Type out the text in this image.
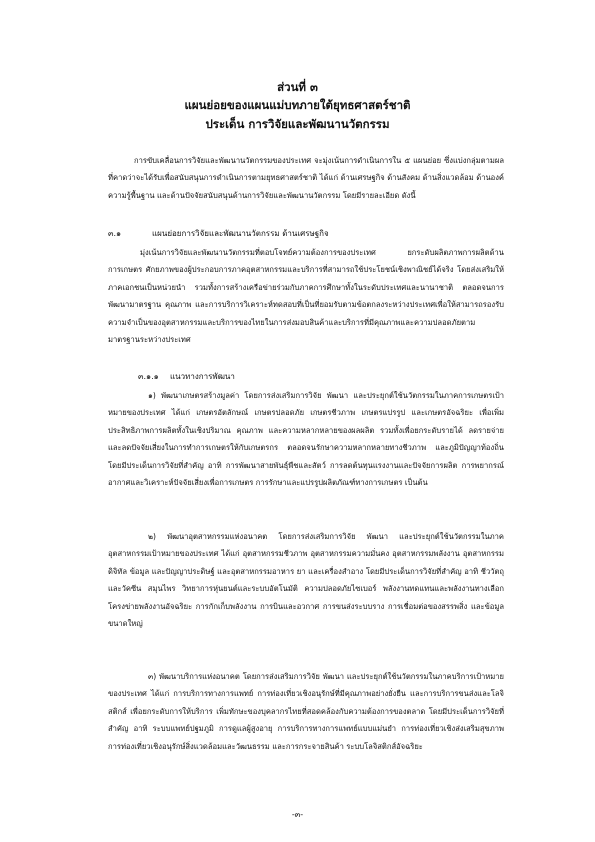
ส่วนที่ ๓
แผนย่อยของแผนแม่บทภายใต้ยุทธศาสตร์ชาติ
ประเด็น การวิจัยและพัฒนานวัตกรรม

การขับเคลื่อนการวิจัยและพัฒนานวัตกรรมของประเทศ จะมุ่งเน้นการดำเนินการใน ๕ แผนย่อย ซึ่งแบ่งกลุ่มตามผลที่คาดว่าจะได้รับเพื่อสนับสนุนการดำเนินการตามยุทธศาสตร์ชาติ ได้แก่ ด้านเศรษฐกิจ ด้านสังคม ด้านสิ่งแวดล้อม ด้านองค์ความรู้พื้นฐาน และด้านปัจจัยสนับสนุนด้านการวิจัยและพัฒนานวัตกรรม โดยมีรายละเอียด ดังนี้

๓.๑	แผนย่อยการวิจัยและพัฒนานวัตกรรม ด้านเศรษฐกิจ

มุ่งเน้นการวิจัยและพัฒนานวัตกรรมที่ตอบโจทย์ความต้องการของประเทศ ยกระดับผลิตภาพการผลิตด้านการเกษตร ศักยภาพของผู้ประกอบการภาคอุตสาหกรรมและบริการที่สามารถใช้ประโยชน์เชิงพาณิชย์ได้จริง โดยส่งเสริมให้ภาคเอกชนเป็นหน่วยนำ รวมทั้งการสร้างเครือข่ายร่วมกับภาคการศึกษาทั้งในระดับประเทศและนานาชาติ ตลอดจนการพัฒนามาตรฐาน คุณภาพ และการบริการวิเคราะห์ทดสอบที่เป็นที่ยอมรับตามข้อตกลงระหว่างประเทศเพื่อให้สามารถรองรับความจำเป็นของอุตสาหกรรมและบริการของไทยในการส่งมอบสินค้าและบริการที่มีคุณภาพและความปลอดภัยตามมาตรฐานระหว่างประเทศ

๓.๑.๑ แนวทางการพัฒนา

๑) พัฒนาเกษตรสร้างมูลค่า โดยการส่งเสริมการวิจัย พัฒนา และประยุกต์ใช้นวัตกรรมในภาคการเกษตรเป้าหมายของประเทศ ได้แก่ เกษตรอัตลักษณ์ เกษตรปลอดภัย เกษตรชีวภาพ เกษตรแปรรูป และเกษตรอัจฉริยะ เพื่อเพิ่มประสิทธิภาพการผลิตทั้งในเชิงปริมาณ คุณภาพ และความหลากหลายของผลผลิต รวมทั้งเพื่อยกระดับรายได้ ลดรายจ่ายและลดปัจจัยเสี่ยงในการทำการเกษตรให้กับเกษตรกร ตลอดจนรักษาความหลากหลายทางชีวภาพ และภูมิปัญญาท้องถิ่น โดยมีประเด็นการวิจัยที่สำคัญ อาทิ การพัฒนาสายพันธุ์พืชและสัตว์ การลดต้นทุนแรงงานและปัจจัยการผลิต การพยากรณ์อากาศและวิเคราะห์ปัจจัยเสี่ยงเพื่อการเกษตร การรักษาและแปรรูปผลิตภัณฑ์ทางการเกษตร เป็นต้น

๒) พัฒนาอุตสาหกรรมแห่งอนาคต โดยการส่งเสริมการวิจัย พัฒนา และประยุกต์ใช้นวัตกรรมในภาคอุตสาหกรรมเป้าหมายของประเทศ ได้แก่ อุตสาหกรรมชีวภาพ อุตสาหกรรมความมั่นคง อุตสาหกรรมพลังงาน อุตสาหกรรมดิจิทัล ข้อมูล และปัญญาประดิษฐ์ และอุตสาหกรรมอาหาร ยา และเครื่องสำอาง โดยมีประเด็นการวิจัยที่สำคัญ อาทิ ชีววัตถุและวัคซีน สมุนไพร วิทยาการหุ่นยนต์และระบบอัตโนมัติ ความปลอดภัยไซเบอร์ พลังงานทดแทนและพลังงานทางเลือก โครงข่ายพลังงานอัจฉริยะ การกักเก็บพลังงาน การบินและอวกาศ การขนส่งระบบราง การเชื่อมต่อของสรรพสิ่ง และข้อมูลขนาดใหญ่

๓) พัฒนาบริการแห่งอนาคต โดยการส่งเสริมการวิจัย พัฒนา และประยุกต์ใช้นวัตกรรมในภาคบริการเป้าหมายของประเทศ ได้แก่ การบริการทางการแพทย์ การท่องเที่ยวเชิงอนุรักษ์ที่มีคุณภาพอย่างยั่งยืน และการบริการขนส่งและโลจิสติกส์ เพื่อยกระดับการให้บริการ เพิ่มทักษะของบุคลากรไทยที่สอดคล้องกับความต้องการของตลาด โดยมีประเด็นการวิจัยที่สำคัญ อาทิ ระบบแพทย์ปฐมภูมิ การดูแลผู้สูงอายุ การบริการทางการแพทย์แบบแม่นยำ การท่องเที่ยวเชิงส่งเสริมสุขภาพ การท่องเที่ยวเชิงอนุรักษ์สิ่งแวดล้อมและวัฒนธรรม และการกระจายสินค้า ระบบโลจิสติกส์อัจฉริยะ

-๓-
